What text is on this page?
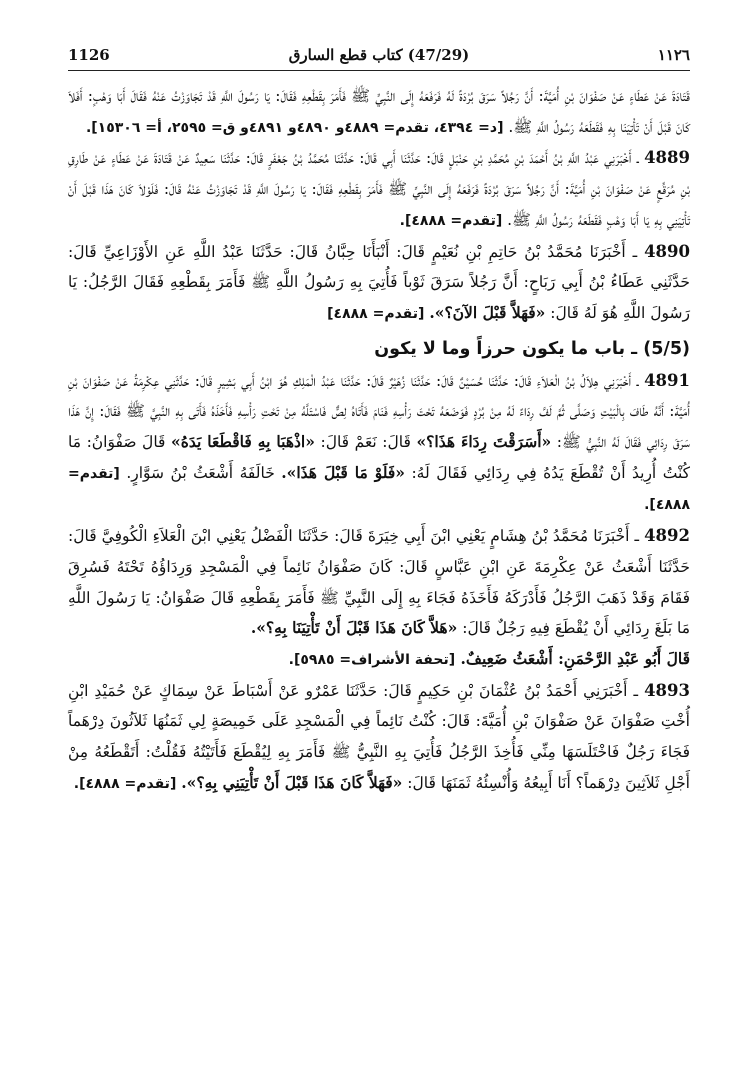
1126	(47/29) كتاب قطع السارق	١١٢٦

قَتَادَةَ عَنْ عَطَاءٍ عَنْ صَفْوَانَ بْنِ أُمَيَّةَ: أَنَّ رَجُلاً سَرَقَ بُرْدَةً لَهُ فَرَفَعَهُ إِلَى النَّبِيِّ ﷺ فَأَمَرَ بِقَطْعِهِ فَقَالَ: يَا رَسُولَ اللَّهِ قَدْ تَجَاوَزْتُ عَنْهُ فَقَالَ أَبَا وَهْبٍ: أَفَلاَ كَانَ قَبْلَ أَنْ تَأْتِيَنَا بِهِ فَقَطَعَهُ رَسُولُ اللَّهِ ﷺ. [د= ٤٣٩٤، تقدم= ٤٨٨٩و ٤٨٩٠و ٤٨٩١و ق= ٢٥٩٥، أ= ١٥٣٠٦].

4889 ـ أَخْبَرَنِي عَبْدُ اللَّهِ بْنُ أَحْمَدَ بْنِ مُحَمَّدِ بْنِ حَنْبَلٍ قَالَ: حَدَّثَنَا أَبِي قَالَ: حَدَّثَنَا مُحَمَّدُ بْنُ جَعْفَرٍ قَالَ: حَدَّثَنَا سَعِيدٌ عَنْ قَتَادَةَ عَنْ عَطَاءٍ عَنْ طَارِقِ بْنِ مُرَقِّعٍ عَنْ صَفْوَانَ بْنِ أُمَيَّةَ: أَنَّ رَجُلاً سَرَقَ بُرْدَةً فَرَفَعَهُ إِلَى النَّبِيِّ ﷺ فَأَمَرَ بِقَطْعِهِ فَقَالَ: يَا رَسُولَ اللَّهِ قَدْ تَجَاوَزْتُ عَنْهُ قَالَ: فَلَوْلاَ كَانَ هَذَا قَبْلَ أَنْ تَأْتِيَنِي بِهِ يَا أَبَا وَهْبٍ فَقَطَعَهُ رَسُولُ اللَّهِ ﷺ. [تقدم= ٤٨٨٨].

4890 ـ أَخْبَرَنَا مُحَمَّدُ بْنُ حَاتِمِ بْنِ نُعَيْمٍ قَالَ: أَنْبَأَنَا حِبَّانُ قَالَ: حَدَّثَنَا عَبْدُ اللَّهِ عَنِ الأَوْزَاعِيِّ قَالَ: حَدَّثَنِي عَطَاءُ بْنُ أَبِي رَبَاحٍ: أَنَّ رَجُلاً سَرَقَ ثَوْباً فَأُتِيَ بِهِ رَسُولُ اللَّهِ ﷺ فَأَمَرَ بِقَطْعِهِ فَقَالَ الرَّجُلُ: يَا رَسُولَ اللَّهِ هُوَ لَهُ قَالَ: «فَهَلاَّ قَبْلَ الآنَ؟». [تقدم= ٤٨٨٨]

(5/5) ـ باب ما يكون حرزاً وما لا يكون

4891 ـ أَخْبَرَنِي هِلاَلُ بْنُ الْعَلاَءِ قَالَ: حَدَّثَنَا حُسَيْنٌ قَالَ: حَدَّثَنَا زُهَيْرٌ قَالَ: حَدَّثَنَا عَبْدُ الْمَلِكِ هُوَ ابْنُ أَبِي بَشِيرٍ قَالَ: حَدَّثَنِي عِكْرِمَةُ عَنْ صَفْوَانَ بْنِ أُمَيَّةَ: أَنَّهُ طَافَ بِالْبَيْتِ وَصَلَّى ثُمَّ لَفَّ رِدَاءً لَهُ مِنْ بُرْدٍ فَوَضَعَهُ تَحْتَ رَأْسِهِ فَنَامَ فَأَتَاهُ لِصٌّ فَاسْتَلَّهُ مِنْ تَحْتِ رَأْسِهِ فَأَخَذَهُ فَأَتَى بِهِ النَّبِيَّ ﷺ فَقَالَ: إِنَّ هَذَا سَرَقَ رِدَائِي فَقَالَ لَهُ النَّبِيُّ ﷺ: «أَسَرَقْتَ رِدَاءَ هَذَا؟» قَالَ: نَعَمْ قَالَ: «اذْهَبَا بِهِ فَاقْطَعَا يَدَهُ» قَالَ صَفْوَانُ: مَا كُنْتُ أُرِيدُ أَنْ تُقْطَعَ يَدُهُ فِي رِدَائِي فَقَالَ لَهُ: «فَلَوْ مَا قَبْلَ هَذَا». خَالَفَهُ أَشْعَثُ بْنُ سَوَّارٍ. [تقدم= ٤٨٨٨].

4892 ـ أَخْبَرَنَا مُحَمَّدُ بْنُ هِشَامٍ يَعْنِي ابْنَ أَبِي خِيَرَةَ قَالَ: حَدَّثَنَا الْفَضْلُ يَعْنِي ابْنَ الْعَلاَءِ الْكُوفِيَّ قَالَ: حَدَّثَنَا أَشْعَثُ عَنْ عِكْرِمَةَ عَنِ ابْنِ عَبَّاسٍ قَالَ: كَانَ صَفْوَانُ نَائِماً فِي الْمَسْجِدِ وَرِدَاؤُهُ تَحْتَهُ فَسُرِقَ فَقَامَ وَقَدْ ذَهَبَ الرَّجُلُ فَأَدْرَكَهُ فَأَخَذَهُ فَجَاءَ بِهِ إِلَى النَّبِيِّ ﷺ فَأَمَرَ بِقَطْعِهِ قَالَ صَفْوَانُ: يَا رَسُولَ اللَّهِ مَا بَلَغَ رِدَائِي أَنْ يُقْطَعَ فِيهِ رَجُلٌ قَالَ: «هَلاَّ كَانَ هَذَا قَبْلَ أَنْ تَأْتِيَنَا بِهِ؟».

قَالَ أَبُو عَبْدِ الرَّحْمَنِ: أَشْعَثُ ضَعِيفٌ. [تحفة الأشراف= ٥٩٨٥].

4893 ـ أَخْبَرَنِي أَحْمَدُ بْنُ عُثْمَانَ بْنِ حَكِيمٍ قَالَ: حَدَّثَنَا عَمْرٌو عَنْ أَسْبَاطَ عَنْ سِمَاكٍ عَنْ حُمَيْدِ ابْنِ أُخْتِ صَفْوَانَ عَنْ صَفْوَانَ بْنِ أُمَيَّةَ: قَالَ: كُنْتُ نَائِماً فِي الْمَسْجِدِ عَلَى خَمِيصَةٍ لِي ثَمَنُهَا ثَلاَثُونَ دِرْهَماً فَجَاءَ رَجُلٌ فَاخْتَلَسَهَا مِنِّي فَأُخِذَ الرَّجُلُ فَأُتِيَ بِهِ النَّبِيُّ ﷺ فَأَمَرَ بِهِ لِيُقْطَعَ فَأَتَيْتُهُ فَقُلْتُ: أَتَقْطَعُهُ مِنْ أَجْلِ ثَلاَثِينَ دِرْهَماً؟ أَنَا أَبِيعُهُ وَأُنْسِئُهُ ثَمَنَهَا قَالَ: «فَهَلاَّ كَانَ هَذَا قَبْلَ أَنْ تَأْتِيَنِي بِهِ؟». [تقدم= ٤٨٨٨].
